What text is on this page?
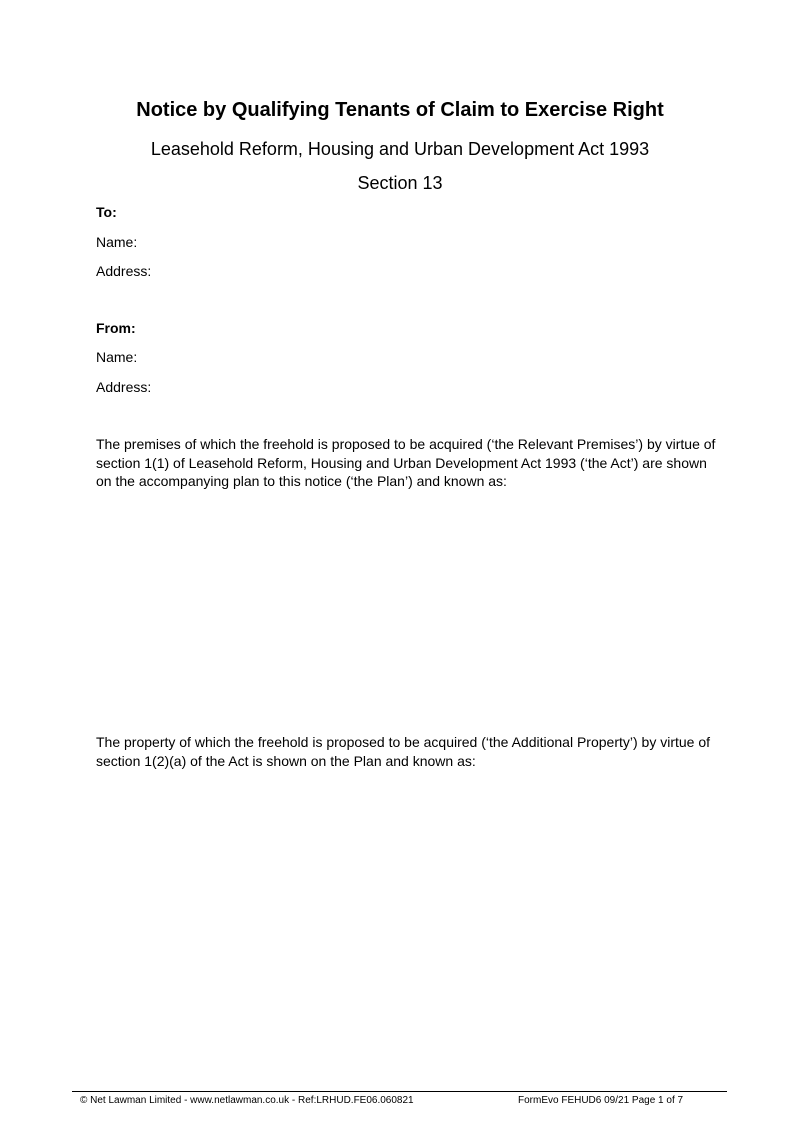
Notice by Qualifying Tenants of Claim to Exercise Right

Leasehold Reform, Housing and Urban Development Act 1993

Section 13

To:

Name:

Address:

From:

Name:

Address:

The premises of which the freehold is proposed to be acquired (‘the Relevant Premises’) by virtue of section 1(1) of Leasehold Reform, Housing and Urban Development Act 1993 (‘the Act’) are shown on the accompanying plan to this notice (‘the Plan’) and known as:

The property of which the freehold is proposed to be acquired (‘the Additional Property’) by virtue of section 1(2)(a) of the Act is shown on the Plan and known as:

© Net Lawman Limited - www.netlawman.co.uk - Ref:LRHUD.FE06.060821	FormEvo FEHUD6 09/21 Page 1 of 7
